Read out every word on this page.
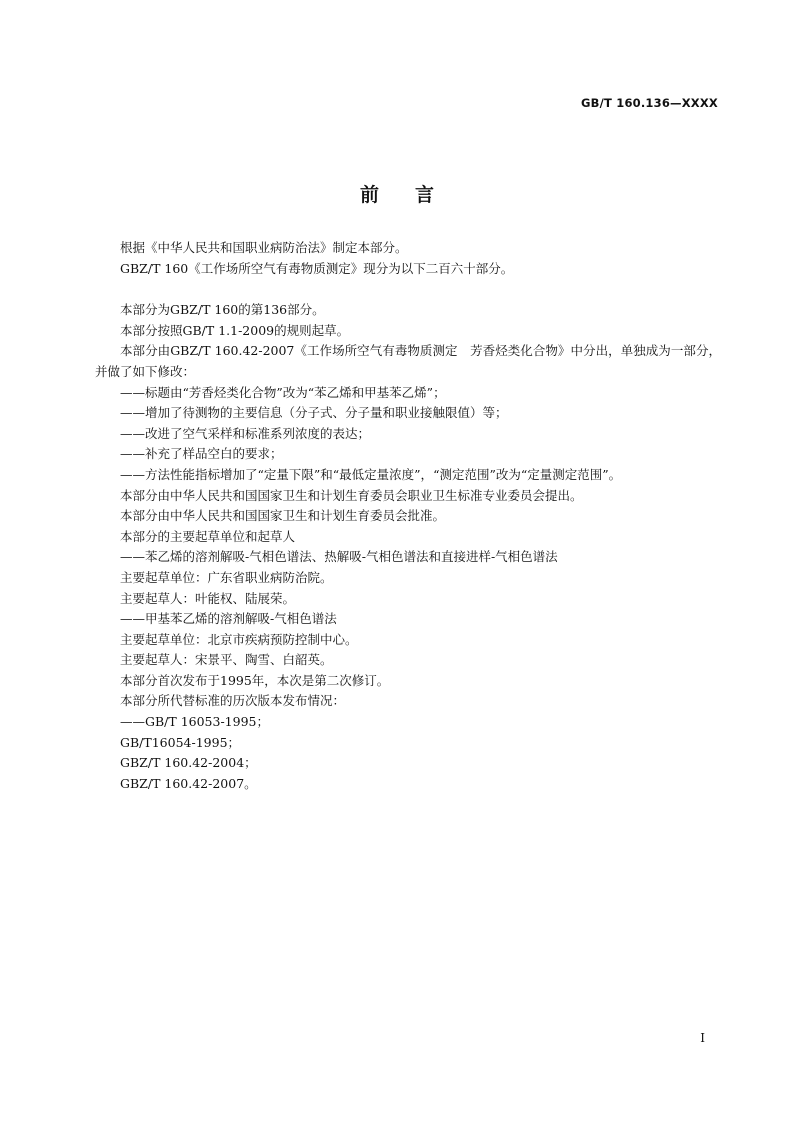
GB/T 160.136—XXXX
前言

根据《中华人民共和国职业病防治法》制定本部分。

GBZ/T 160《工作场所空气有毒物质测定》现分为以下二百六十部分。

本部分为GBZ/T 160的第136部分。

本部分按照GB/T 1.1-2009的规则起草。

本部分由GBZ/T 160.42-2007《工作场所空气有毒物质测定　芳香烃类化合物》中分出，单独成为一部分，并做了如下修改：

——标题由“芳香烃类化合物”改为“苯乙烯和甲基苯乙烯”；

——增加了待测物的主要信息（分子式、分子量和职业接触限值）等；

——改进了空气采样和标准系列浓度的表达；

——补充了样品空白的要求；

——方法性能指标增加了“定量下限”和“最低定量浓度”，“测定范围”改为“定量测定范围”。

本部分由中华人民共和国国家卫生和计划生育委员会职业卫生标准专业委员会提出。

本部分由中华人民共和国国家卫生和计划生育委员会批准。

本部分的主要起草单位和起草人

——苯乙烯的溶剂解吸-气相色谱法、热解吸-气相色谱法和直接进样-气相色谱法

主要起草单位：广东省职业病防治院。

主要起草人：叶能权、陆展荣。

——甲基苯乙烯的溶剂解吸-气相色谱法

主要起草单位：北京市疾病预防控制中心。

主要起草人：宋景平、陶雪、白韶英。

本部分首次发布于1995年，本次是第二次修订。

本部分所代替标准的历次版本发布情况：

——GB/T 16053-1995；

GB/T16054-1995；

GBZ/T 160.42-2004；

GBZ/T 160.42-2007。

I
